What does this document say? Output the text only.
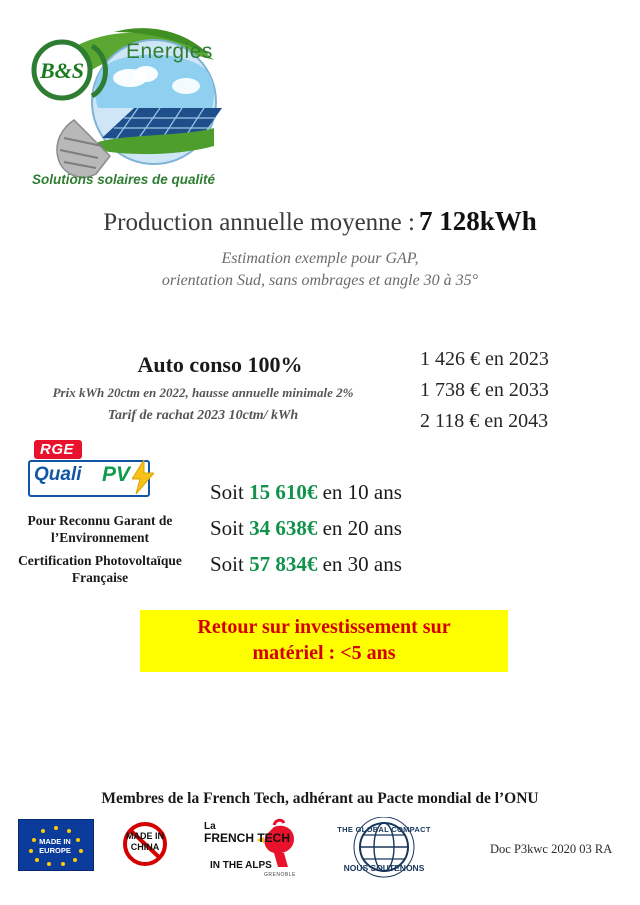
B&S
Energies
Solutions solaires de qualité
Production annuelle moyenne : 7 128kWh
Estimation exemple pour GAP,
orientation Sud, sans ombrages et angle 30 à 35°
Auto conso 100%
Prix kWh 20ctm en 2022, hausse annuelle minimale 2%
Tarif de rachat 2023 10ctm/ kWh
1 426 € en 2023
1 738 € en 2033
2 118 € en 2043
RGE
Quali PV
Pour Reconnu Garant de l’Environnement
Certification Photovoltaïque Française
Soit 15 610€ en 10 ans
Soit 34 638€ en 20 ans
Soit 57 834€ en 30 ans
Retour sur investissement sur
matériel : <5 ans
Membres de la French Tech, adhérant au Pacte mondial de l’ONU
MADE IN
EUROPE
MADE IN
CHINA
La
FRENCH TECH
IN THE ALPS
GRENOBLE
THE GLOBAL COMPACT
NOUS SOUTENONS
Doc P3kwc 2020 03 RA
